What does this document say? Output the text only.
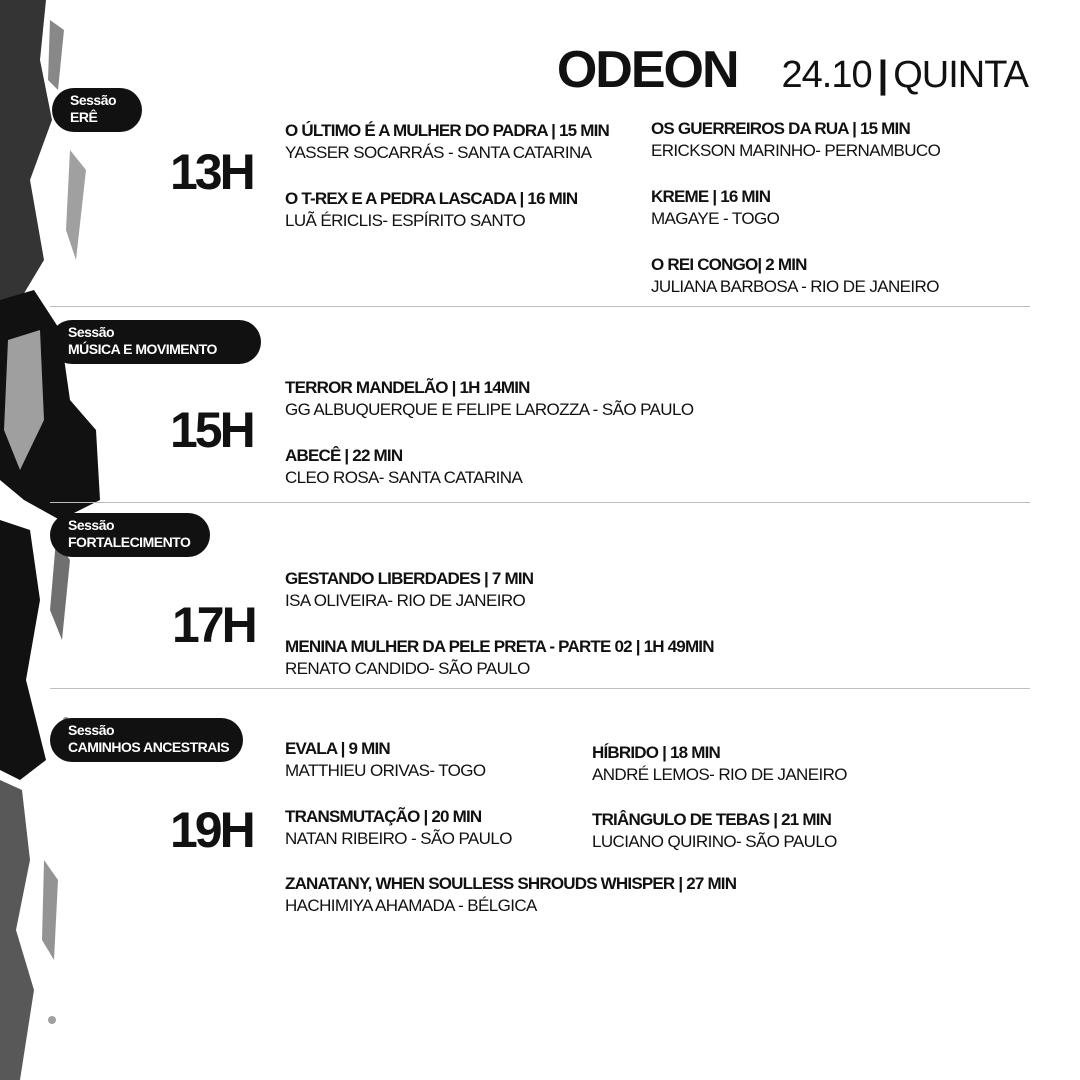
ODEON 24.10 | QUINTA
Sessão
ERÊ
13H
O ÚLTIMO É A MULHER DO PADRA | 15 MIN
YASSER SOCARRÁS - SANTA CATARINA
O T-REX E A PEDRA LASCADA | 16 MIN
LUÃ ÉRICLIS- ESPÍRITO SANTO
OS GUERREIROS DA RUA | 15 MIN
ERICKSON MARINHO- PERNAMBUCO
KREME | 16 MIN
MAGAYE - TOGO
O REI CONGO| 2 MIN
JULIANA BARBOSA - RIO DE JANEIRO
Sessão
MÚSICA E MOVIMENTO
15H
TERROR MANDELÃO | 1H 14MIN
GG ALBUQUERQUE E FELIPE LAROZZA - SÃO PAULO
ABECÊ | 22 MIN
CLEO ROSA- SANTA CATARINA
Sessão
FORTALECIMENTO
17H
GESTANDO LIBERDADES | 7 MIN
ISA OLIVEIRA- RIO DE JANEIRO
MENINA MULHER DA PELE PRETA - PARTE 02 | 1H 49MIN
RENATO CANDIDO- SÃO PAULO
Sessão
CAMINHOS ANCESTRAIS
19H
EVALA | 9 MIN
MATTHIEU ORIVAS- TOGO
TRANSMUTAÇÃO | 20 MIN
NATAN RIBEIRO - SÃO PAULO
HÍBRIDO | 18 MIN
ANDRÉ LEMOS- RIO DE JANEIRO
TRIÂNGULO DE TEBAS | 21 MIN
LUCIANO QUIRINO- SÃO PAULO
ZANATANY, WHEN SOULLESS SHROUDS WHISPER | 27 MIN
HACHIMIYA AHAMADA - BÉLGICA
